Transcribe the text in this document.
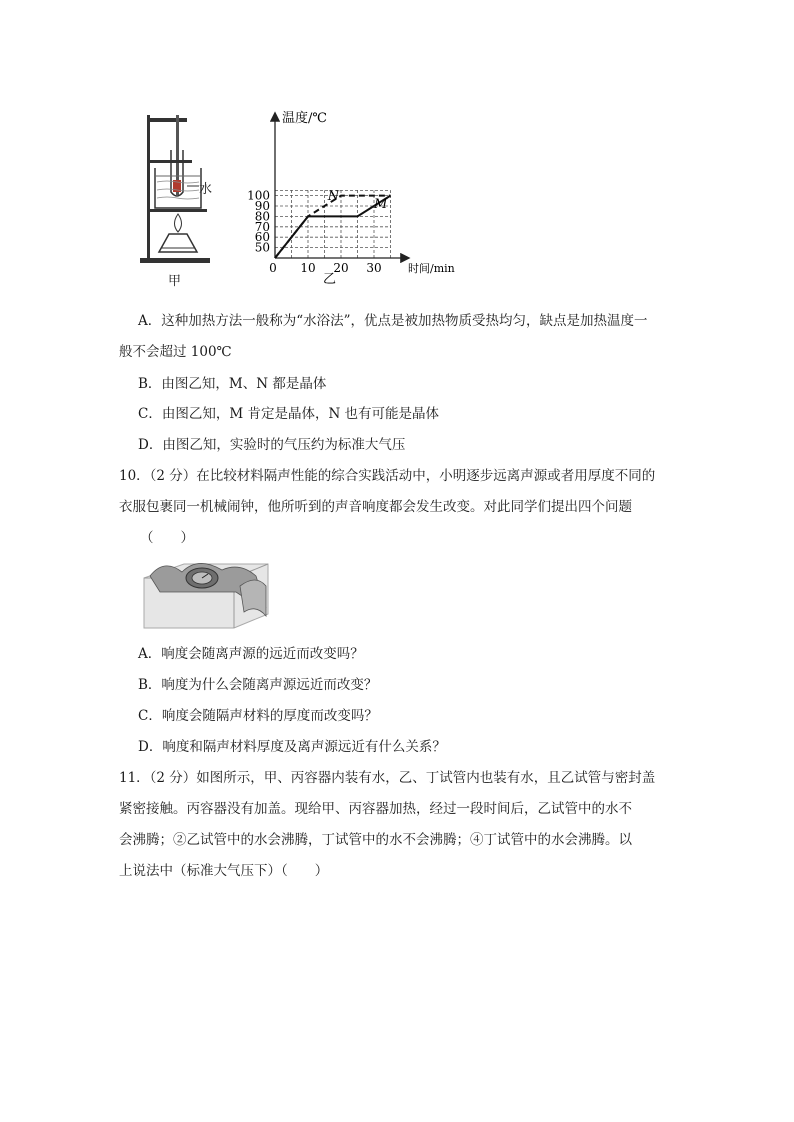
水
甲
50
60
70
80
90
100
0 10 20 30
M
N
温度/℃
时间/min
乙
A．这种加热方法一般称为“水浴法”，优点是被加热物质受热均匀，缺点是加热温度一
般不会超过 100℃
B．由图乙知，M、N 都是晶体
C．由图乙知，M 肯定是晶体，N 也有可能是晶体
D．由图乙知，实验时的气压约为标准大气压
10．（2 分）在比较材料隔声性能的综合实践活动中，小明逐步远离声源或者用厚度不同的
衣服包裹同一机械闹钟，他所听到的声音响度都会发生改变。对此同学们提出四个问题
（　　）
A．响度会随离声源的远近而改变吗？
B．响度为什么会随离声源远近而改变？
C．响度会随隔声材料的厚度而改变吗？
D．响度和隔声材料厚度及离声源远近有什么关系？
11．（2 分）如图所示，甲、丙容器内装有水，乙、丁试管内也装有水，且乙试管与密封盖
紧密接触。丙容器没有加盖。现给甲、丙容器加热，经过一段时间后，乙试管中的水不
会沸腾；②乙试管中的水会沸腾，丁试管中的水不会沸腾；④丁试管中的水会沸腾。以
上说法中（标准大气压下）（　　）
